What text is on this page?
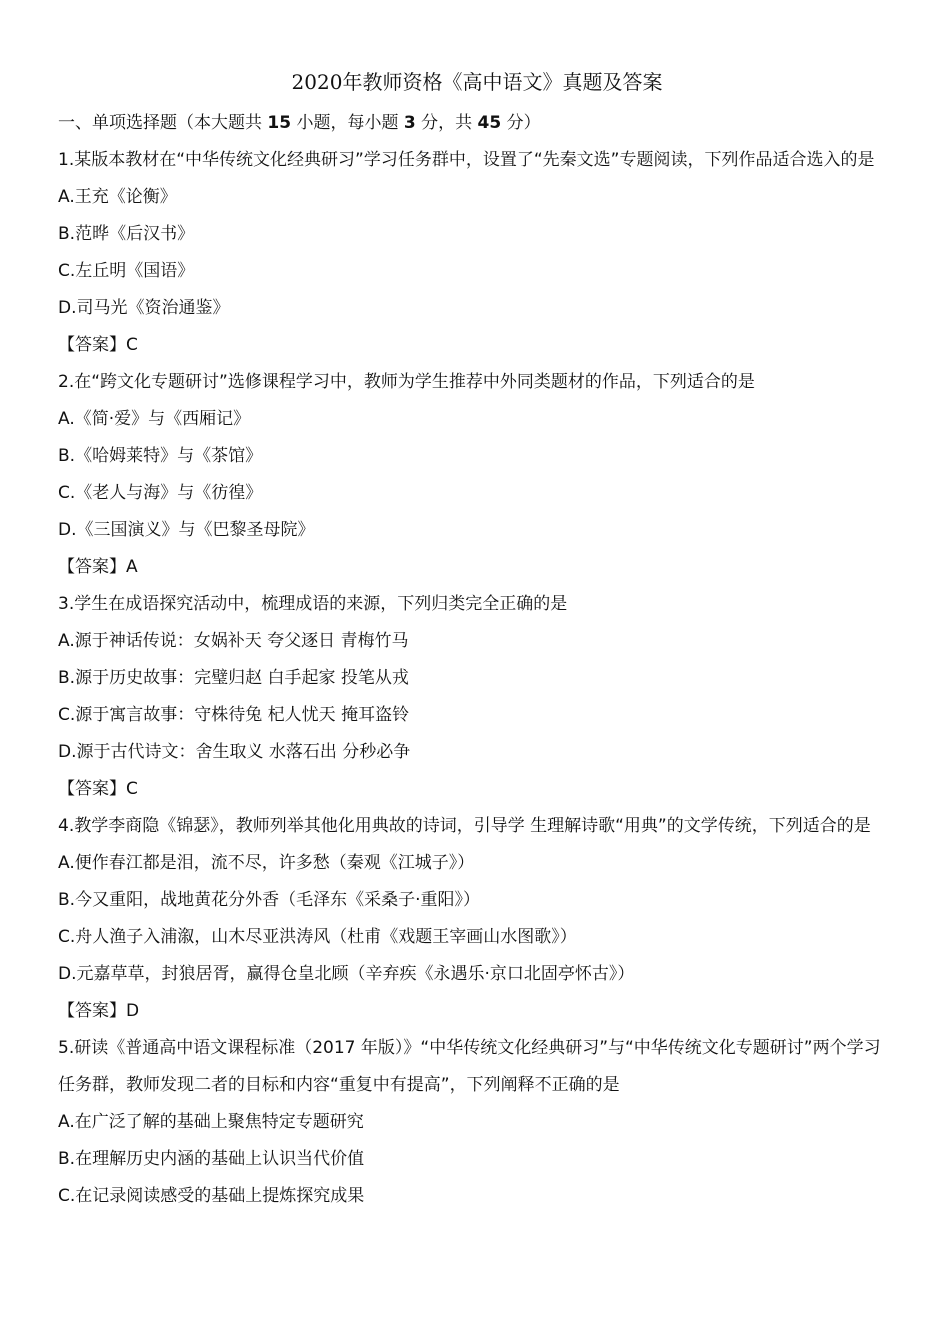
2020年教师资格《高中语文》真题及答案

一、单项选择题（本大题共 15 小题，每小题 3 分，共 45 分）

1.某版本教材在“中华传统文化经典研习”学习任务群中，设置了“先秦文选”专题阅读，下列作品适合选入的是

A.王充《论衡》

B.范晔《后汉书》

C.左丘明《国语》

D.司马光《资治通鉴》

【答案】C

2.在“跨文化专题研讨”选修课程学习中，教师为学生推荐中外同类题材的作品，下列适合的是

A.《简·爱》与《西厢记》

B.《哈姆莱特》与《茶馆》

C.《老人与海》与《彷徨》

D.《三国演义》与《巴黎圣母院》

【答案】A

3.学生在成语探究活动中，梳理成语的来源，下列归类完全正确的是

A.源于神话传说：女娲补天 夸父逐日 青梅竹马

B.源于历史故事：完璧归赵 白手起家 投笔从戎

C.源于寓言故事：守株待兔 杞人忧天 掩耳盗铃

D.源于古代诗文：舍生取义 水落石出 分秒必争

【答案】C

4.教学李商隐《锦瑟》，教师列举其他化用典故的诗词，引导学 生理解诗歌“用典”的文学传统，下列适合的是

A.便作春江都是泪，流不尽，许多愁（秦观《江城子》）

B.今又重阳，战地黄花分外香（毛泽东《采桑子·重阳》）

C.舟人渔子入浦溆，山木尽亚洪涛风（杜甫《戏题王宰画山水图歌》）

D.元嘉草草，封狼居胥，赢得仓皇北顾（辛弃疾《永遇乐·京口北固亭怀古》）

【答案】D

5.研读《普通高中语文课程标准（2017 年版）》“中华传统文化经典研习”与“中华传统文化专题研讨”两个学习任务群，教师发现二者的目标和内容“重复中有提高”，下列阐释不正确的是

A.在广泛了解的基础上聚焦特定专题研究

B.在理解历史内涵的基础上认识当代价值

C.在记录阅读感受的基础上提炼探究成果
